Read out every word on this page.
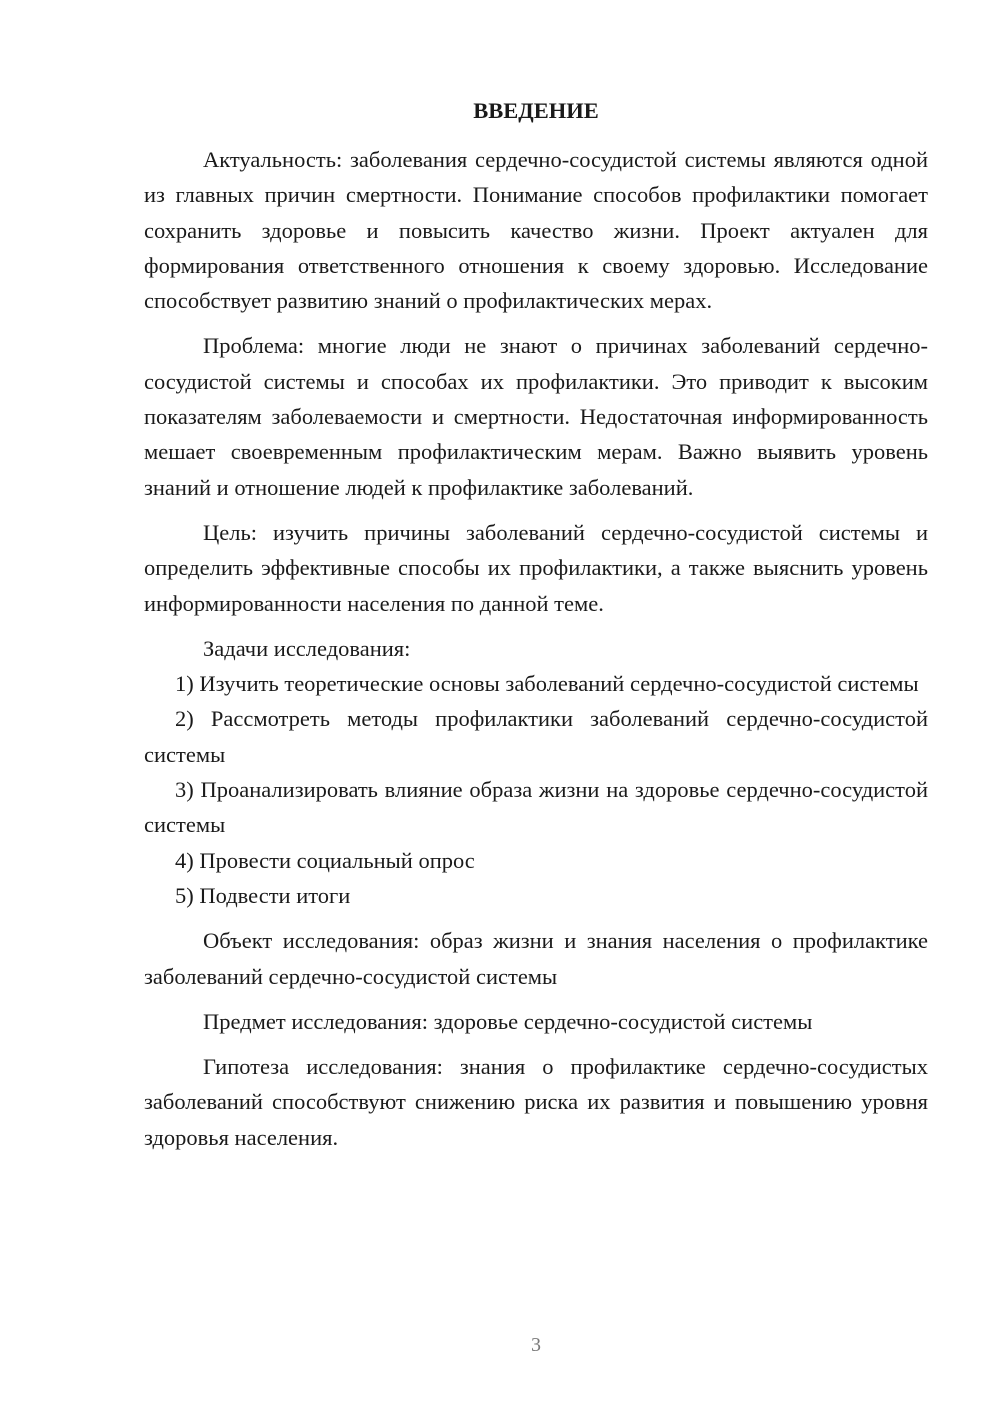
ВВЕДЕНИЕ

Актуальность: заболевания сердечно-сосудистой системы являются одной из главных причин смертности. Понимание способов профилактики помогает сохранить здоровье и повысить качество жизни. Проект актуален для формирования ответственного отношения к своему здоровью. Исследование способствует развитию знаний о профилактических мерах.

Проблема: многие люди не знают о причинах заболеваний сердечно-сосудистой системы и способах их профилактики. Это приводит к высоким показателям заболеваемости и смертности. Недостаточная информированность мешает своевременным профилактическим мерам. Важно выявить уровень знаний и отношение людей к профилактике заболеваний.

Цель: изучить причины заболеваний сердечно-сосудистой системы и определить эффективные способы их профилактики, а также выяснить уровень информированности населения по данной теме.

Задачи исследования:

1) Изучить теоретические основы заболеваний сердечно-сосудистой системы

2) Рассмотреть методы профилактики заболеваний сердечно-сосудистой системы

3) Проанализировать влияние образа жизни на здоровье сердечно-сосудистой системы

4) Провести социальный опрос

5) Подвести итоги

Объект исследования: образ жизни и знания населения о профилактике заболеваний сердечно-сосудистой системы

Предмет исследования: здоровье сердечно-сосудистой системы

Гипотеза исследования: знания о профилактике сердечно-сосудистых заболеваний способствуют снижению риска их развития и повышению уровня здоровья населения.

3
